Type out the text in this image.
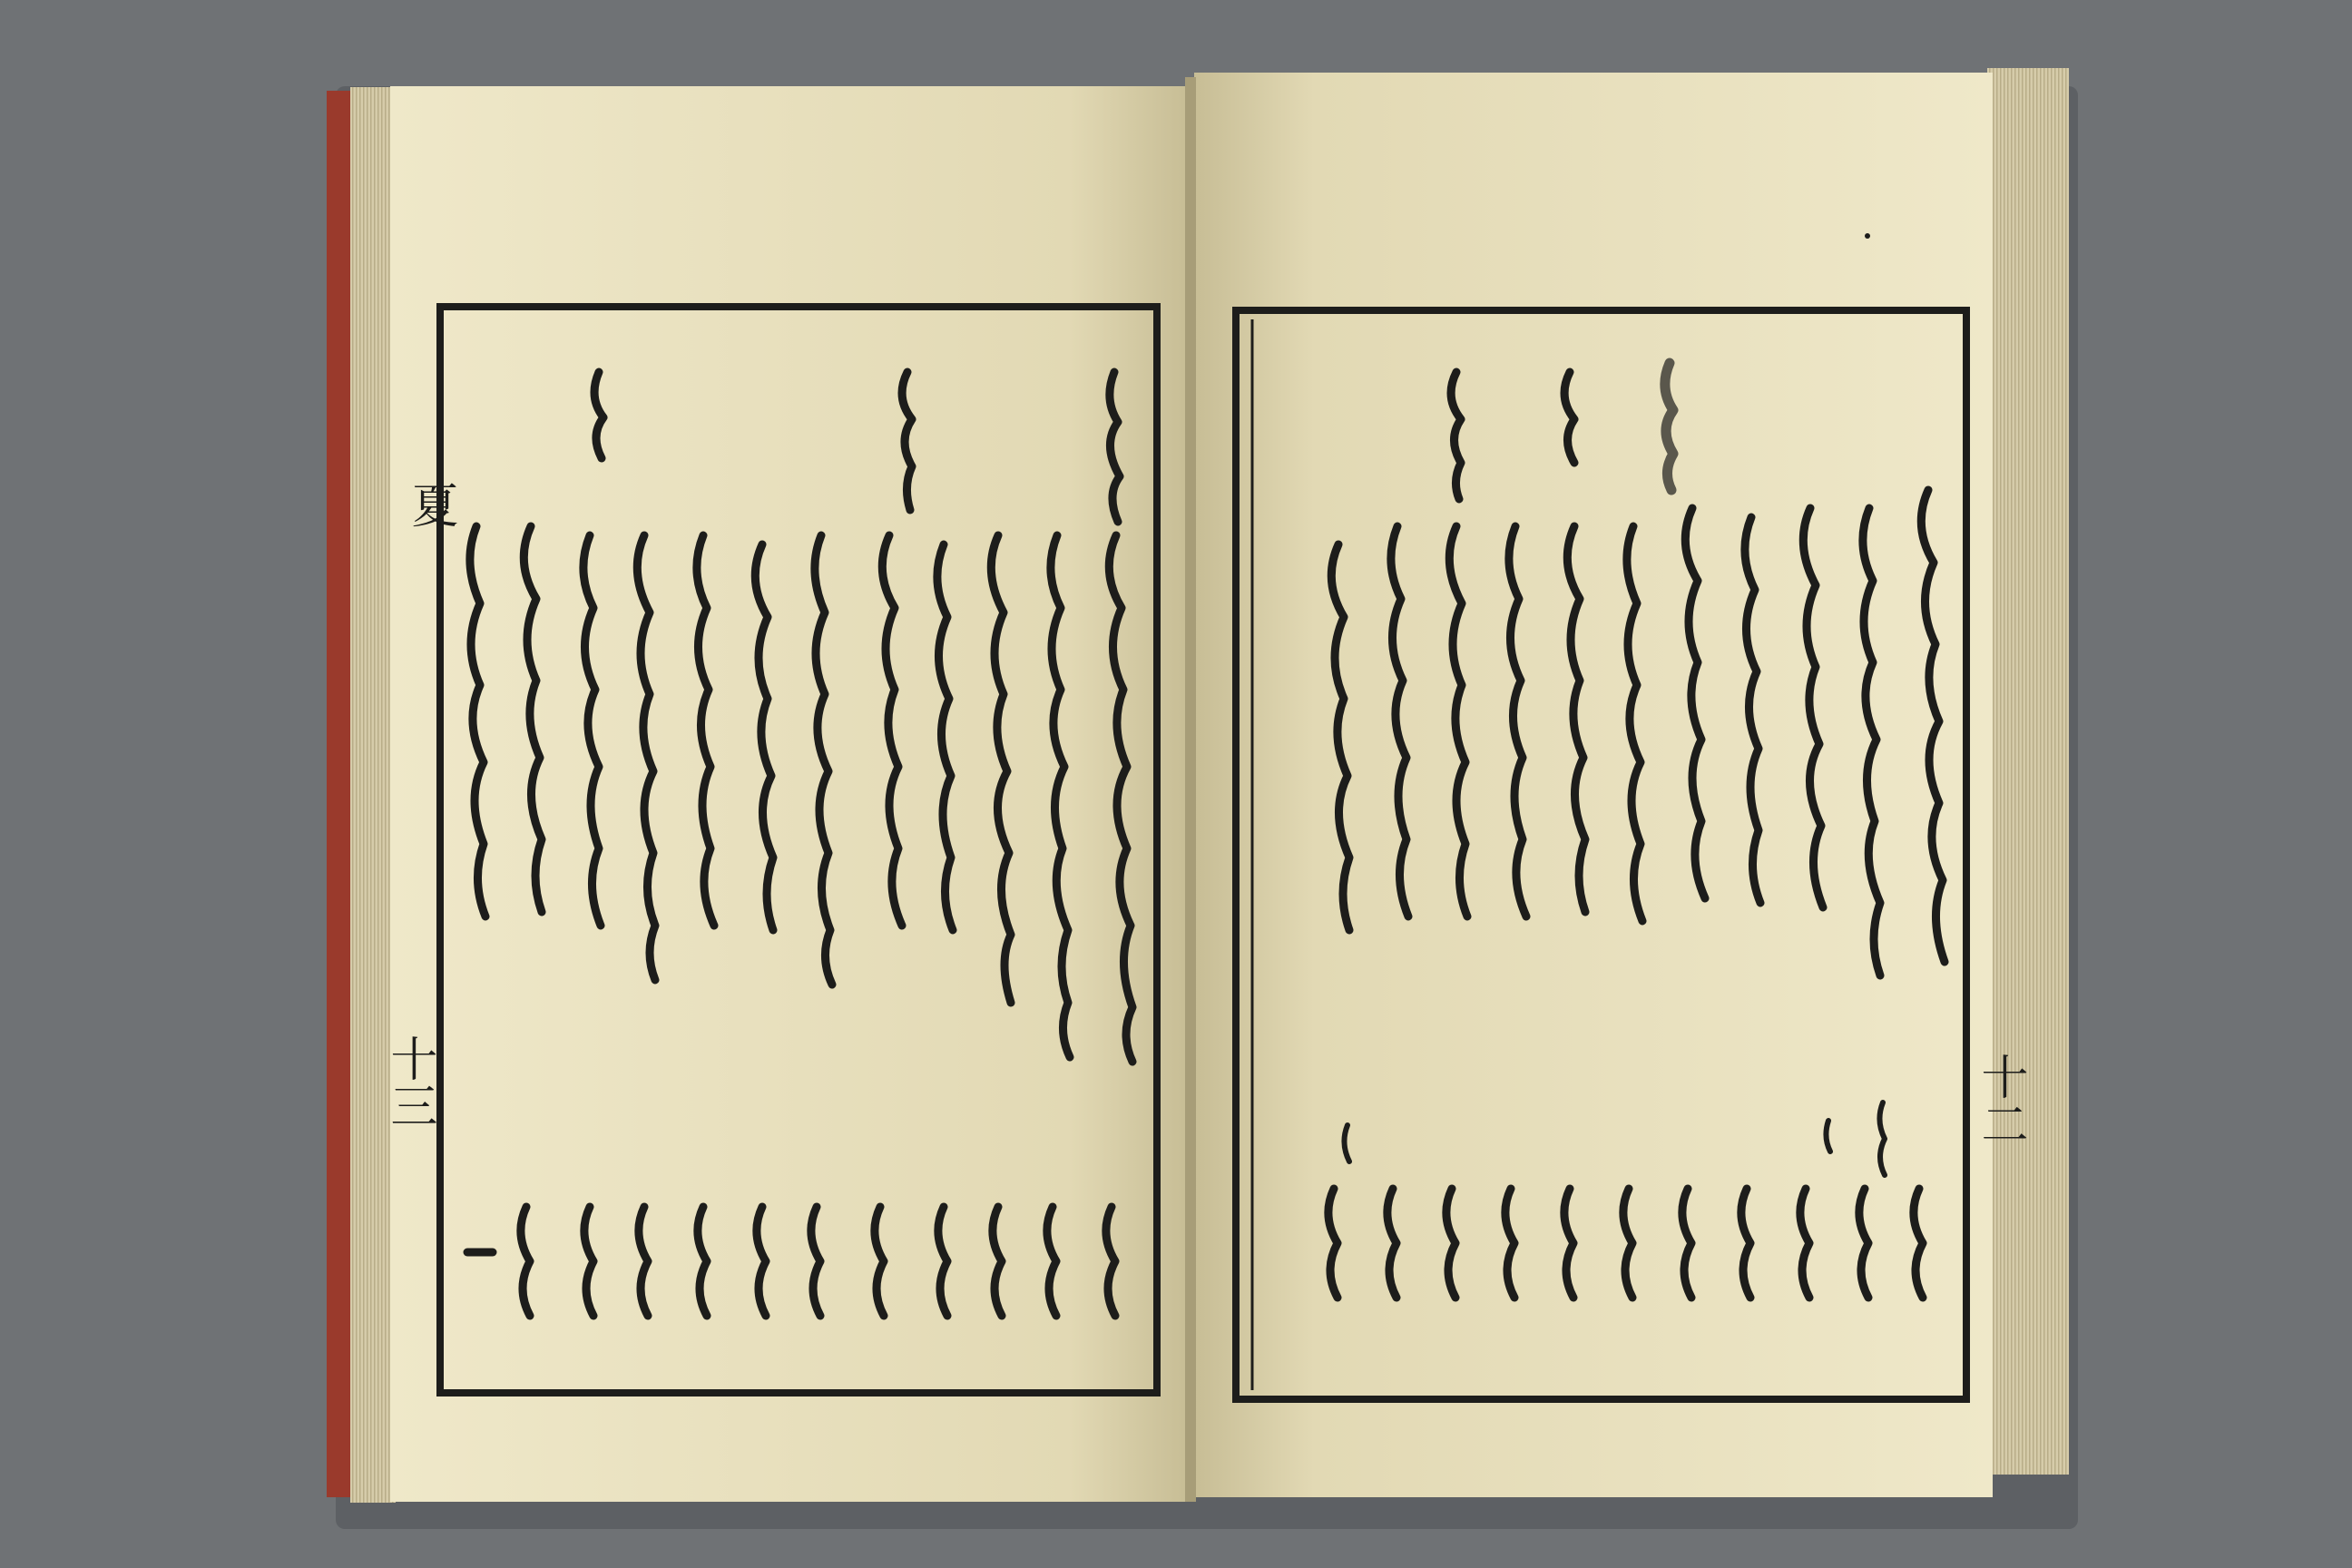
夏
十三	十二
